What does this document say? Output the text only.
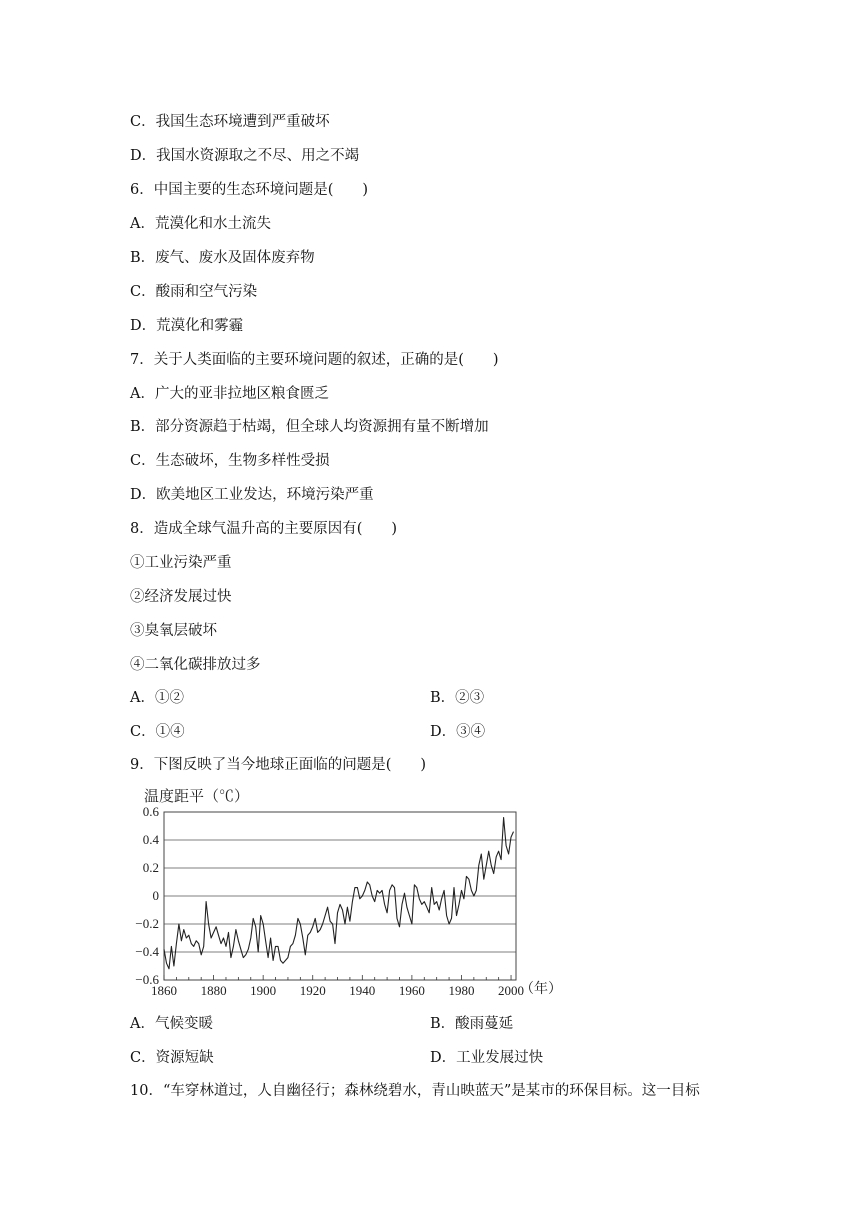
C．我国生态环境遭到严重破坏
D．我国水资源取之不尽、用之不竭
6．中国主要的生态环境问题是(　　)
A．荒漠化和水土流失
B．废气、废水及固体废弃物
C．酸雨和空气污染
D．荒漠化和雾霾
7．关于人类面临的主要环境问题的叙述，正确的是(　　)
A．广大的亚非拉地区粮食匮乏
B．部分资源趋于枯竭，但全球人均资源拥有量不断增加
C．生态破坏，生物多样性受损
D．欧美地区工业发达，环境污染严重
8．造成全球气温升高的主要原因有(　　)
①工业污染严重
②经济发展过快
③臭氧层破坏
④二氧化碳排放过多
A．①②	B．②③
C．①④	D．③④
9．下图反映了当今地球正面临的问题是(　　)
温度距平（℃）
（年）
0.6
0.4
0.2
0
−0.2
−0.4
−0.6
1860 1880 1900 1920 1940 1960 1980 2000
A．气候变暖	B．酸雨蔓延
C．资源短缺	D．工业发展过快
10．“车穿林道过，人自幽径行；森林绕碧水，青山映蓝天”是某市的环保目标。这一目标
